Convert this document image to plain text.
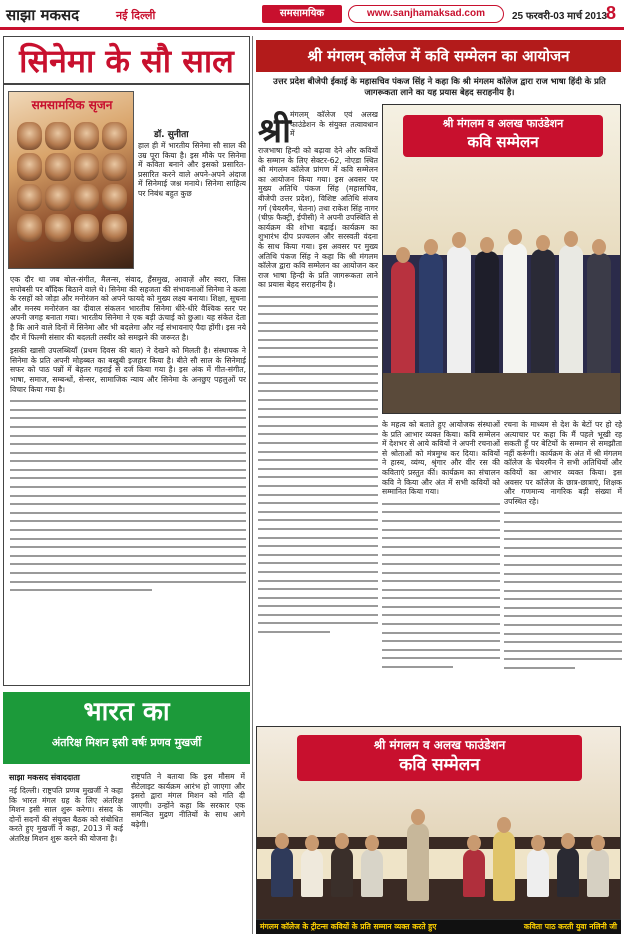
साझा मकसद	नई दिल्ली	समसामयिक	www.sanjhamaksad.com	25 फरवरी-03 मार्च 2013
8
सिनेमा के सौ साल
समसामयिक सृजन
डॉ. सुनीता
हाल ही में भारतीय सिनेमा सौ साल की उम्र पूरा किया है। इस मौके पर सिनेमा में कविता बनाने और इसको प्रसारित-प्रसारित करने वाले अपने-अपने अंदाज में सिनेमाई जश्न मनाये। सिनेमा साहित्य पर निबंध बहुत कुछ

एक दौर था जब बोल-संगीत, मैलन्स, संवाद, हँसमुख, आवाज़ें और स्वरा, जिस सपोबसी पर बाँदिक बिठाने वाले थे। सिनेमा की सहजता की संभावनाओं सिनेमा ने कला के रसहों को जोड़ा और मनोरंजन को अपने फायदे को मुख्य लक्ष्य बनाया। शिक्षा, सूचना और मनस्य मनोरंजन का दीवाल संकलन भारतीय सिनेमा धीरे-धीरे वैश्विक स्तर पर अपनी जगह बनाता गया। भारतीय सिनेमा ने एक बड़ी ऊंचाई को छुआ। यह संकेत देता है कि आने वाले दिनों में सिनेमा और भी बदलेगा और नई संभावनाएं पैदा होंगी। इस नये दौर में फिल्मी संसार की बदलती तस्वीर को समझने की जरूरत है।

इसकी खासी उपलब्धियाँ (प्रथम दिवस की बात) ने देखने को मिलती है। संस्थापक ने सिनेमा के प्रति अपनी मोहब्बत का बखूबी इजहार किया है। बीते सौ साल के सिनेमाई सफर को पाठ पन्नों में बेहतर गहराई से दर्ज किया गया है। इस अंक में गीत-संगीत, भाषा, समाज, सम्बन्धों, सेन्सर, सामाजिक न्याय और सिनेमा के अनछुए पहलुओं पर विचार किया गया है।

भारत का
अंतरिक्ष मिशन इसी वर्षः प्रणव मुखर्जी
साझा मकसद संवाददाता
नई दिल्ली। राष्ट्रपति प्रणब मुखर्जी ने कहा कि भारत मंगल ग्रह के लिए अंतरिक्ष मिशन इसी साल शुरू करेगा। संसद के दोनों सदनों की संयुक्त बैठक को संबोधित करते हुए मुखर्जी ने कहा, 2013 में कई अंतरिक्ष मिशन शुरू करने की योजना है।
राष्ट्रपति ने बताया कि इस मौसम में सैटेलाइट कार्यक्रम आरंभ हो जाएगा और इसरो द्वारा मंगल मिशन को गति दी जाएगी। उन्होंने कहा कि सरकार एक समन्वित मुद्रण नीतियों के साथ आगे बढ़ेगी।
श्री मंगलम् कॉलेज में कवि सम्मेलन का आयोजन
उत्तर प्रदेश बीजेपी ईकाई के महासचिव पंकज सिंह ने कहा कि श्री मंगलम कॉलेज द्वारा राज भाषा हिंदी के प्रति जागरूकता लाने का यह प्रयास बेहद सराहनीय है।
श्री मंगलम् कॉलेज एवं अलख फाउंडेशन के संयुक्त तत्वावधान में

राजभाषा हिन्दी को बढ़ावा देने और कवियों के सम्मान के लिए सेक्टर-62, नोएडा स्थित श्री मंगलम कॉलेज प्रांगण में कवि सम्मेलन का आयोजन किया गया। इस अवसर पर मुख्य अतिथि पंकज सिंह (महासचिव, बीजेपी उत्तर प्रदेश), विशिष्ट अतिथि संजय गर्ग (चेयरमैन, चेतना) तथा राकेश सिंह नागर (चीफ़ फैक्ट्री, ईपीसी) ने अपनी उपस्थिति से कार्यक्रम की शोभा बढ़ाई। कार्यक्रम का शुभारंभ दीप प्रज्वलन और सरस्वती वंदना के साथ किया गया। इस अवसर पर मुख्य अतिथि पंकज सिंह ने कहा कि श्री मंगलम कॉलेज द्वारा कवि सम्मेलन का आयोजन कर राज भाषा हिन्दी के प्रति जागरूकता लाने का प्रयास बेहद सराहनीय है।

श्री मंगलम व अलख फाउंडेशन
कवि सम्मेलन

के महत्व को बताते हुए आयोजक संस्थाओं के प्रति आभार व्यक्त किया। कवि सम्मेलन में देशभर से आये कवियों ने अपनी रचनाओं से श्रोताओं को मंत्रमुग्ध कर दिया। कवियों ने हास्य, व्यंग्य, श्रृंगार और वीर रस की कविताएं प्रस्तुत कीं। कार्यक्रम का संचालन कवि ने किया और अंत में सभी कवियों को सम्मानित किया गया।

रचना के माध्यम से देश के बेटों पर हो रहे अत्याचार पर कहा कि मैं पहले भूखी रह सकती हूँ पर बेटियों के सम्मान से समझौता नहीं करूंगी। कार्यक्रम के अंत में श्री मंगलम कॉलेज के चेयरमैन ने सभी अतिथियों और कवियों का आभार व्यक्त किया। इस अवसर पर कॉलेज के छात्र-छात्राएं, शिक्षक और गणमान्य नागरिक बड़ी संख्या में उपस्थित रहे।

श्री मंगलम व अलख फाउंडेशन
कवि सम्मेलन
मंगलम कॉलेज के ट्रीटन्स कवियों के प्रति सम्मान व्यक्त करते हुए	कविता पाठ करती युवा नलिनी जी
